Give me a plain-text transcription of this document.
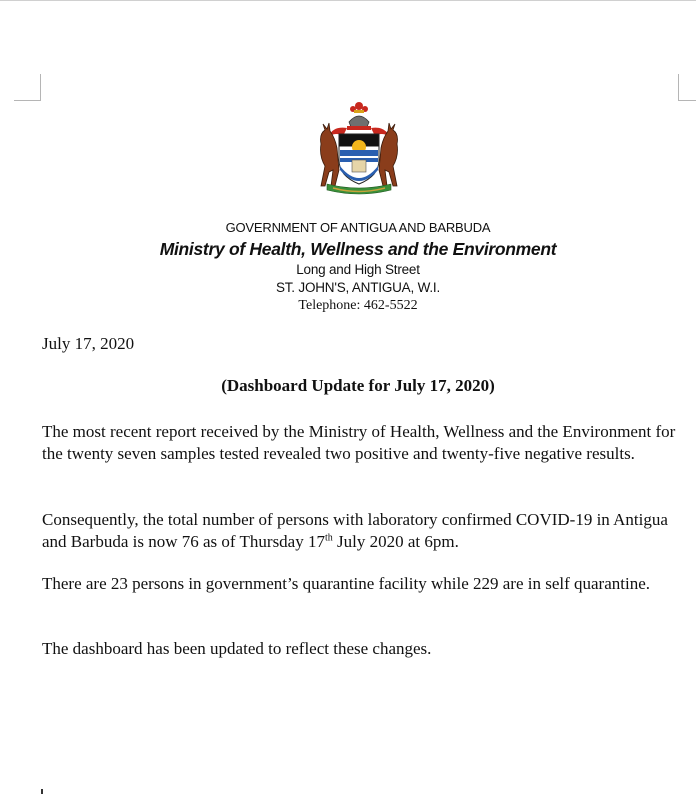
GOVERNMENT OF ANTIGUA AND BARBUDA
Ministry of Health, Wellness and the Environment
Long and High Street
ST. JOHN'S, ANTIGUA, W.I.
Telephone: 462-5522
July 17, 2020
(Dashboard Update for July 17, 2020)

The most recent report received by the Ministry of Health, Wellness and the Environment for the twenty seven samples tested revealed two positive and twenty-five negative results.

Consequently, the total number of persons with laboratory confirmed COVID-19 in Antigua and Barbuda is now 76 as of Thursday 17th July 2020 at 6pm.

There are 23 persons in government’s quarantine facility while 229 are in self quarantine.

The dashboard has been updated to reflect these changes.
